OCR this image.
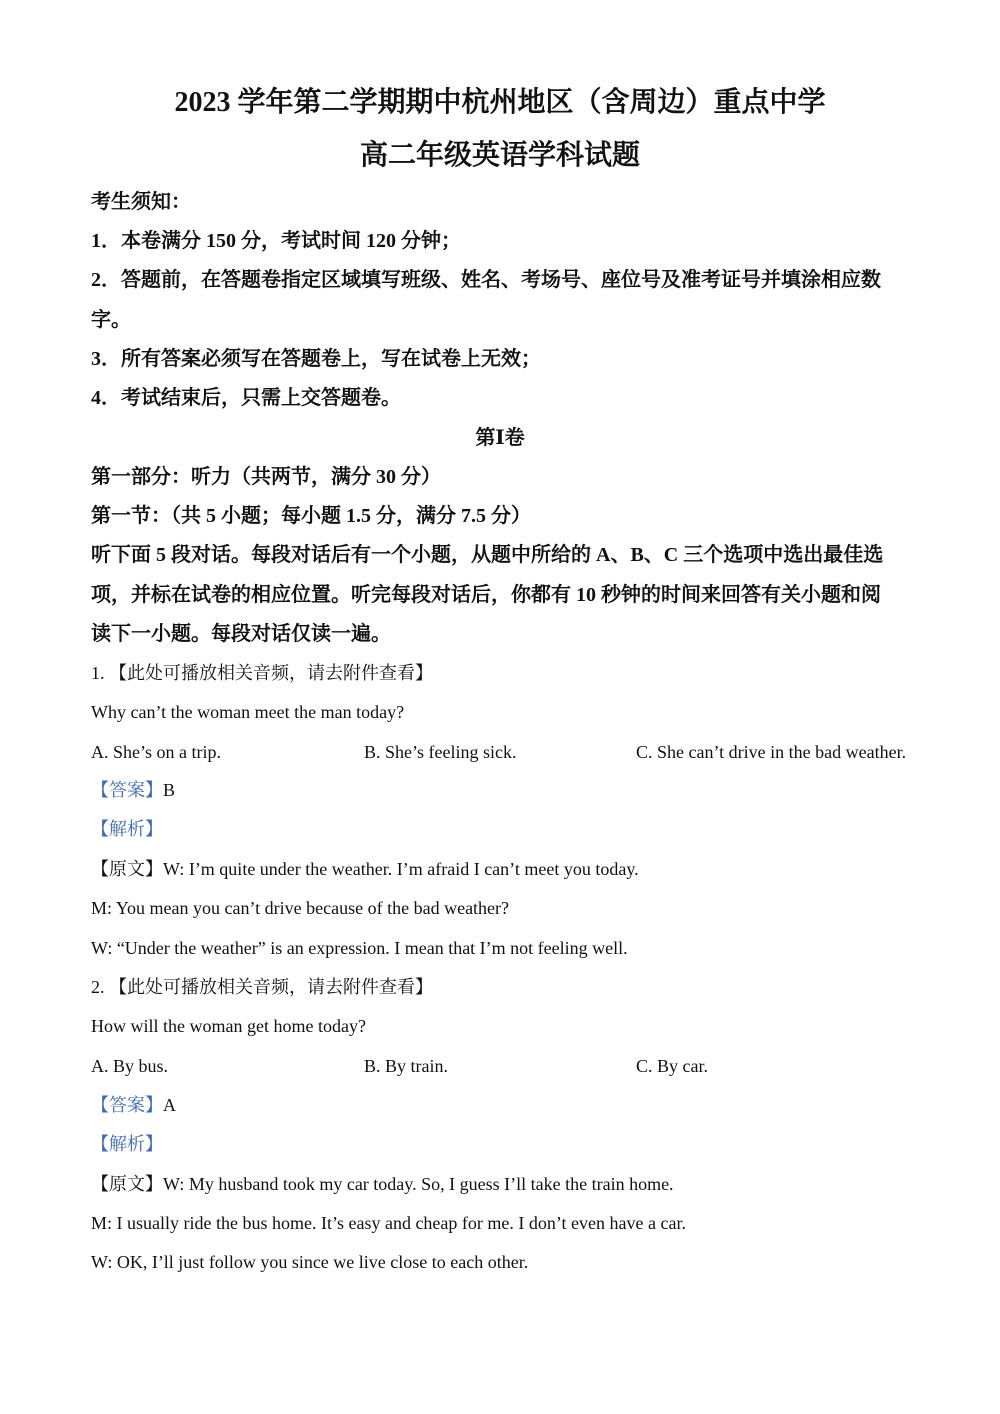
2023 学年第二学期期中杭州地区（含周边）重点中学
高二年级英语学科试题
考生须知：
1．本卷满分 150 分，考试时间 120 分钟；
2．答题前，在答题卷指定区域填写班级、姓名、考场号、座位号及准考证号并填涂相应数
字。
3．所有答案必须写在答题卷上，写在试卷上无效；
4．考试结束后，只需上交答题卷。
第Ⅰ卷
第一部分：听力（共两节，满分 30 分）
第一节：（共 5 小题；每小题 1.5 分，满分 7.5 分）
听下面 5 段对话。每段对话后有一个小题，从题中所给的 A、B、C 三个选项中选出最佳选
项，并标在试卷的相应位置。听完每段对话后，你都有 10 秒钟的时间来回答有关小题和阅
读下一小题。每段对话仅读一遍。
1. 【此处可播放相关音频，请去附件查看】
Why can’t the woman meet the man today?
A. She’s on a trip.	B. She’s feeling sick.	C. She can’t drive in the bad weather.
【答案】B
【解析】
【原文】W: I’m quite under the weather. I’m afraid I can’t meet you today.
M: You mean you can’t drive because of the bad weather?
W: “Under the weather” is an expression. I mean that I’m not feeling well.
2. 【此处可播放相关音频，请去附件查看】
How will the woman get home today?
A. By bus.	B. By train.	C. By car.
【答案】A
【解析】
【原文】W: My husband took my car today. So, I guess I’ll take the train home.
M: I usually ride the bus home. It’s easy and cheap for me. I don’t even have a car.
W: OK, I’ll just follow you since we live close to each other.
